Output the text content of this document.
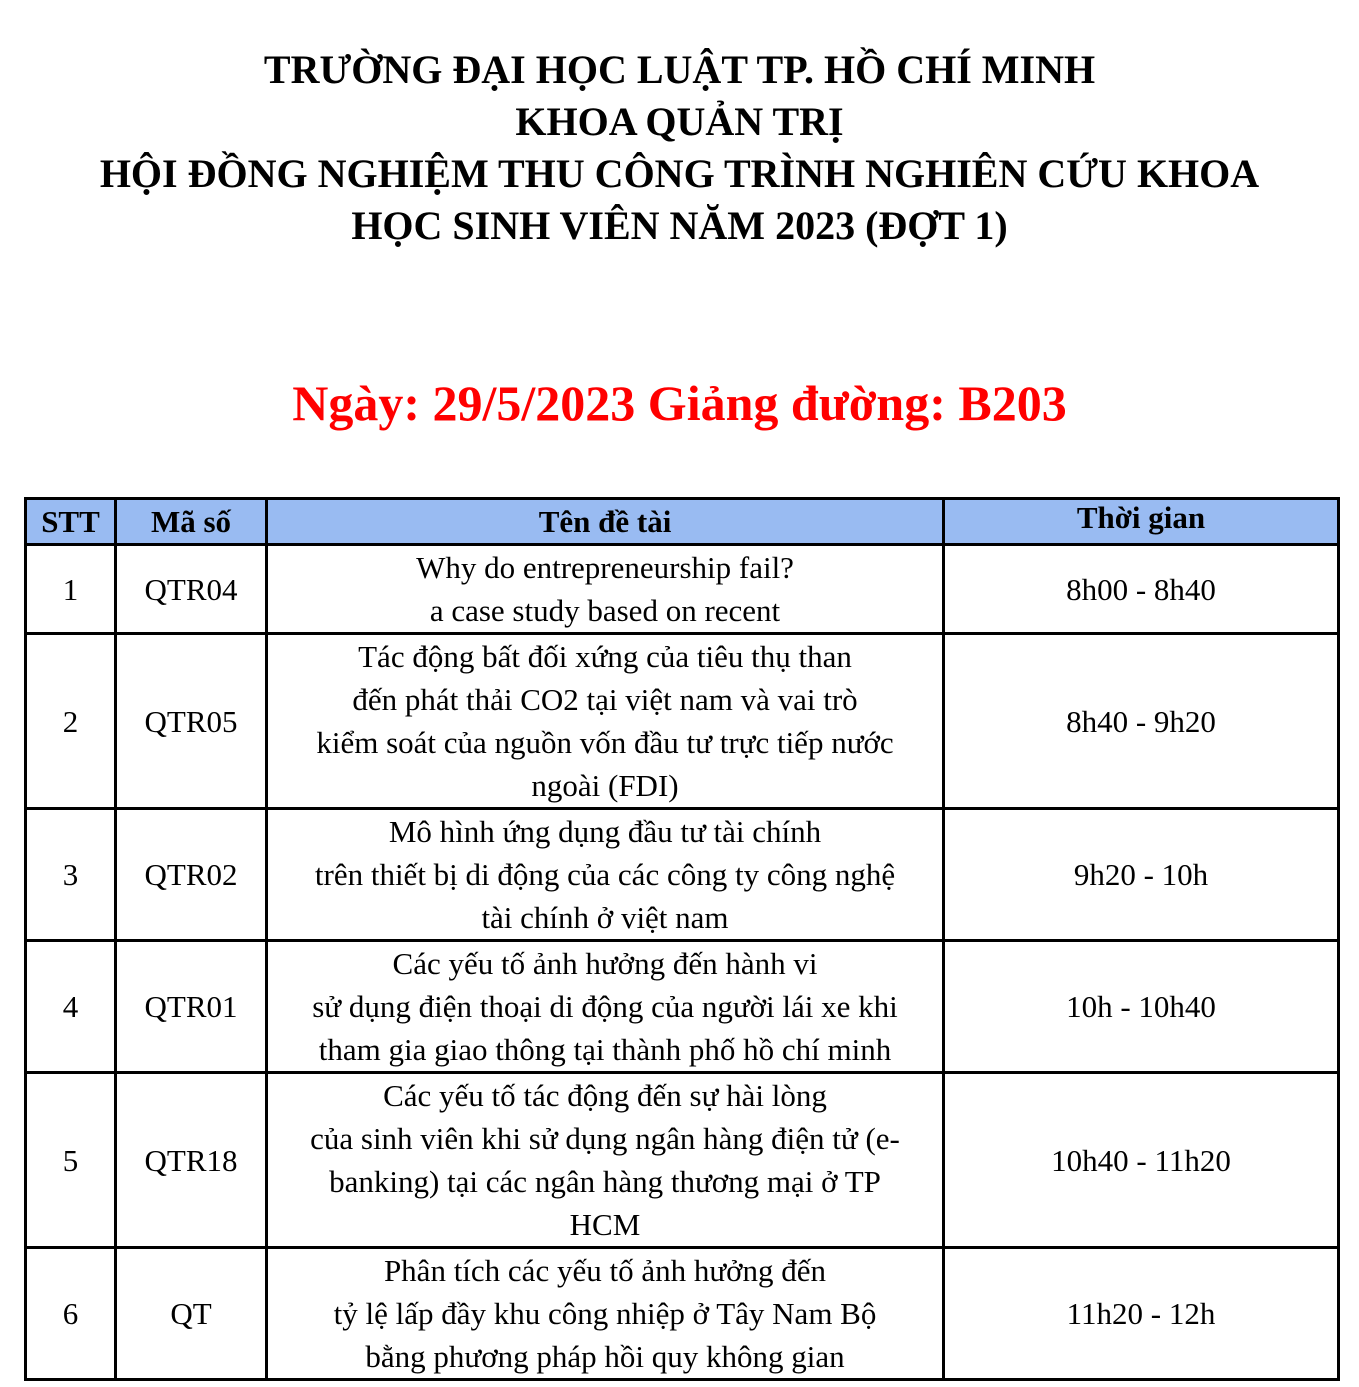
TRƯỜNG ĐẠI HỌC LUẬT TP. HỒ CHÍ MINH
KHOA QUẢN TRỊ
HỘI ĐỒNG NGHIỆM THU CÔNG TRÌNH NGHIÊN CỨU KHOA
HỌC SINH VIÊN NĂM 2023 (ĐỢT 1)
Ngày: 29/5/2023 Giảng đường: B203
STT	Mã số	Tên đề tài	Thời gian
1	QTR04	Why do entrepreneurship fail?
a case study based on recent	8h00 - 8h40
2	QTR05	Tác động bất đối xứng của tiêu thụ than
đến phát thải CO2 tại việt nam và vai trò
kiểm soát của nguồn vốn đầu tư trực tiếp nước
ngoài (FDI)	8h40 - 9h20
3	QTR02	Mô hình ứng dụng đầu tư tài chính
trên thiết bị di động của các công ty công nghệ
tài chính ở việt nam	9h20 - 10h
4	QTR01	Các yếu tố ảnh hưởng đến hành vi
sử dụng điện thoại di động của người lái xe khi
tham gia giao thông tại thành phố hồ chí minh	10h - 10h40
5	QTR18	Các yếu tố tác động đến sự hài lòng
của sinh viên khi sử dụng ngân hàng điện tử (e-
banking) tại các ngân hàng thương mại ở TP
HCM	10h40 - 11h20
6	QT	Phân tích các yếu tố ảnh hưởng đến
tỷ lệ lấp đầy khu công nhiệp ở Tây Nam Bộ
bằng phương pháp hồi quy không gian	11h20 - 12h
